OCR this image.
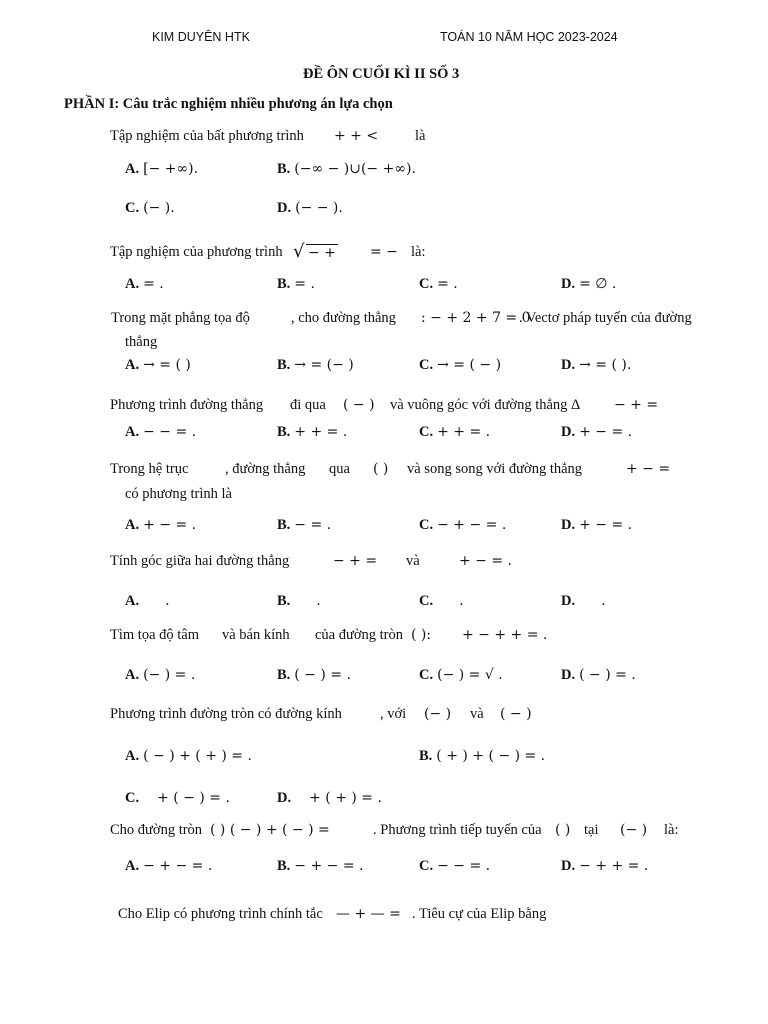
KIM DUYÊN HTK	TOÁN 10 NĂM HỌC 2023-2024
ĐỀ ÔN CUỐI KÌ II SỐ 3
PHẦN I: Câu trắc nghiệm nhiều phương án lựa chọn
Tập nghiệm của bất phương trình + + <	là
A. [− +∞).	B. (−∞ − )∪(− +∞).
C. (− ).	D. (− − ).
Tập nghiệm của phương trình √ − + = − là:
A. = .	B. = .	C. = .	D. = ∅ .
Trong mặt phẳng tọa độ	, cho đường thẳng : − + 2 + 7 = 0
. Vectơ pháp tuyến của đường
thẳng
A. → = ( )	B. → = (− )	C. → = ( − )	D. → = ( ).
Phương trình đường thẳng đi qua ( − ) và vuông góc với đường thẳng Δ − + =
A. − − = .	B. + + = .	C. + + = .	D. + − = .
Trong hệ trục	, đường thẳng qua ( ) và song song với đường thẳng	+ − =
có phương trình là
A. + − = .	B. − = .	C. − + − = .	D. + − = .
Tính góc giữa hai đường thẳng	− + = và	+ − = .
A. .	B. .	C. .	D. .
Tìm tọa độ tâm và bán kính của đường tròn ( ): + − + + = .
A. (− ) = .	B. ( − ) = .	C. (− ) = √ .	D. ( − ) = .
Phương trình đường tròn có đường kính	, với (− ) và ( − )
A. ( − ) + ( + ) = .	B. ( + ) + ( − ) = .
C. + ( − ) = .	D. + ( + ) = .
Cho đường tròn ( ) ( − ) + ( − ) =	. Phương trình tiếp tuyến của ( ) tại (− ) là:
A. − + − = .	B. − + − = .	C. − − = .	D. − + + = .
Cho Elip có phương trình chính tắc — + — = . Tiêu cự của Elip bằng
